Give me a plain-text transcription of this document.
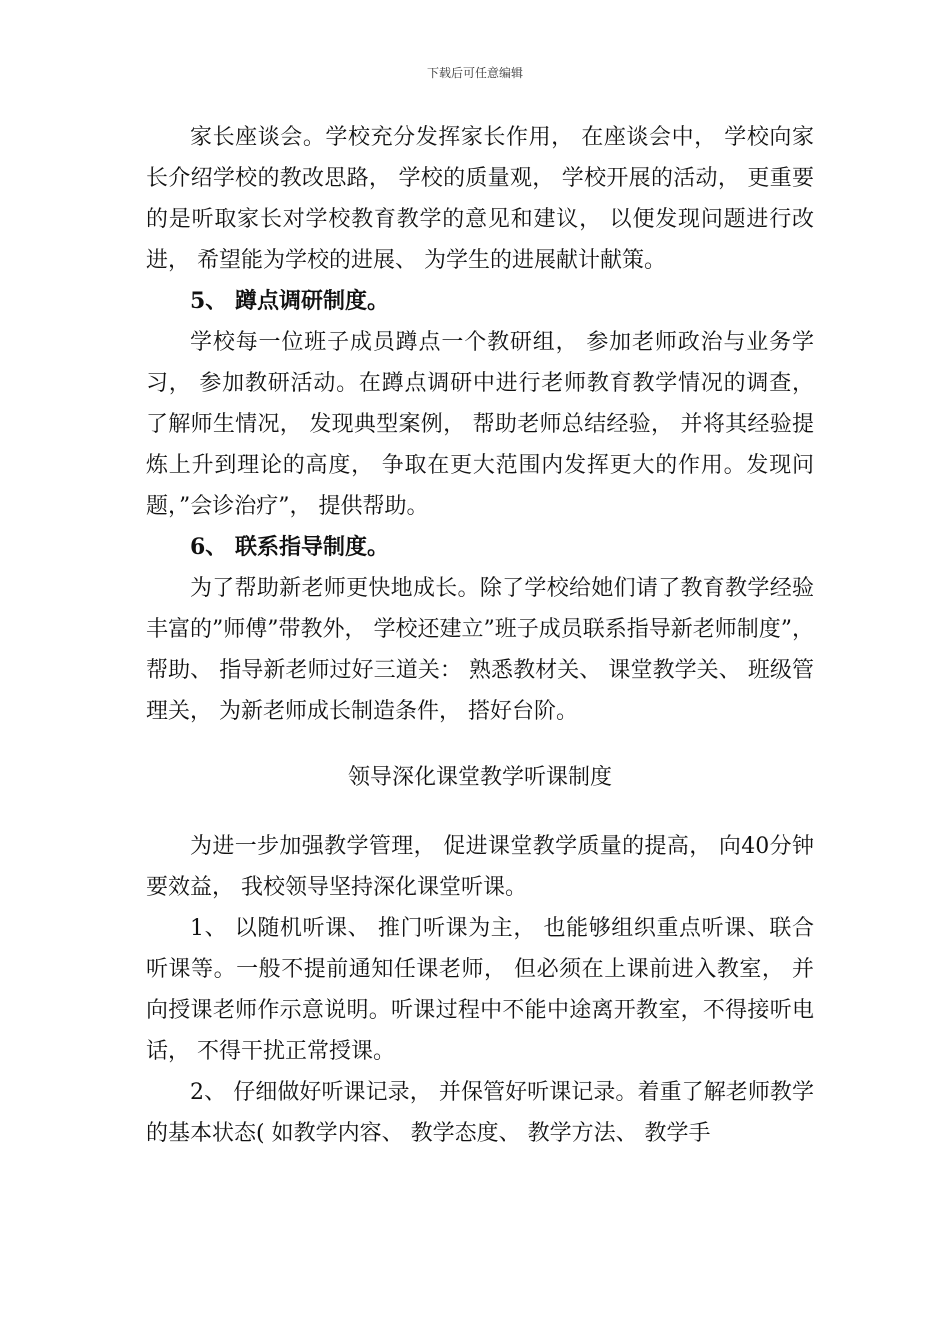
下载后可任意编辑

家长座谈会。学校充分发挥家长作用， 在座谈会中， 学校向家长介绍学校的教改思路， 学校的质量观， 学校开展的活动， 更重要的是听取家长对学校教育教学的意见和建议， 以便发现问题进行改进， 希望能为学校的进展、 为学生的进展献计献策。

5、 蹲点调研制度。

学校每一位班子成员蹲点一个教研组， 参加老师政治与业务学习， 参加教研活动。在蹲点调研中进行老师教育教学情况的调查， 了解师生情况， 发现典型案例， 帮助老师总结经验， 并将其经验提炼上升到理论的高度， 争取在更大范围内发挥更大的作用。发现问题，”会诊治疗”， 提供帮助。

6、 联系指导制度。

为了帮助新老师更快地成长。除了学校给她们请了教育教学经验丰富的”师傅”带教外， 学校还建立”班子成员联系指导新老师制度”， 帮助、 指导新老师过好三道关： 熟悉教材关、 课堂教学关、 班级管理关， 为新老师成长制造条件， 搭好台阶。

领导深化课堂教学听课制度

为进一步加强教学管理， 促进课堂教学质量的提高， 向40分钟要效益， 我校领导坚持深化课堂听课。

1、 以随机听课、 推门听课为主， 也能够组织重点听课、联合听课等。一般不提前通知任课老师， 但必须在上课前进入教室， 并向授课老师作示意说明。听课过程中不能中途离开教室，不得接听电话， 不得干扰正常授课。

2、 仔细做好听课记录， 并保管好听课记录。着重了解老师教学的基本状态( 如教学内容、 教学态度、 教学方法、 教学手
